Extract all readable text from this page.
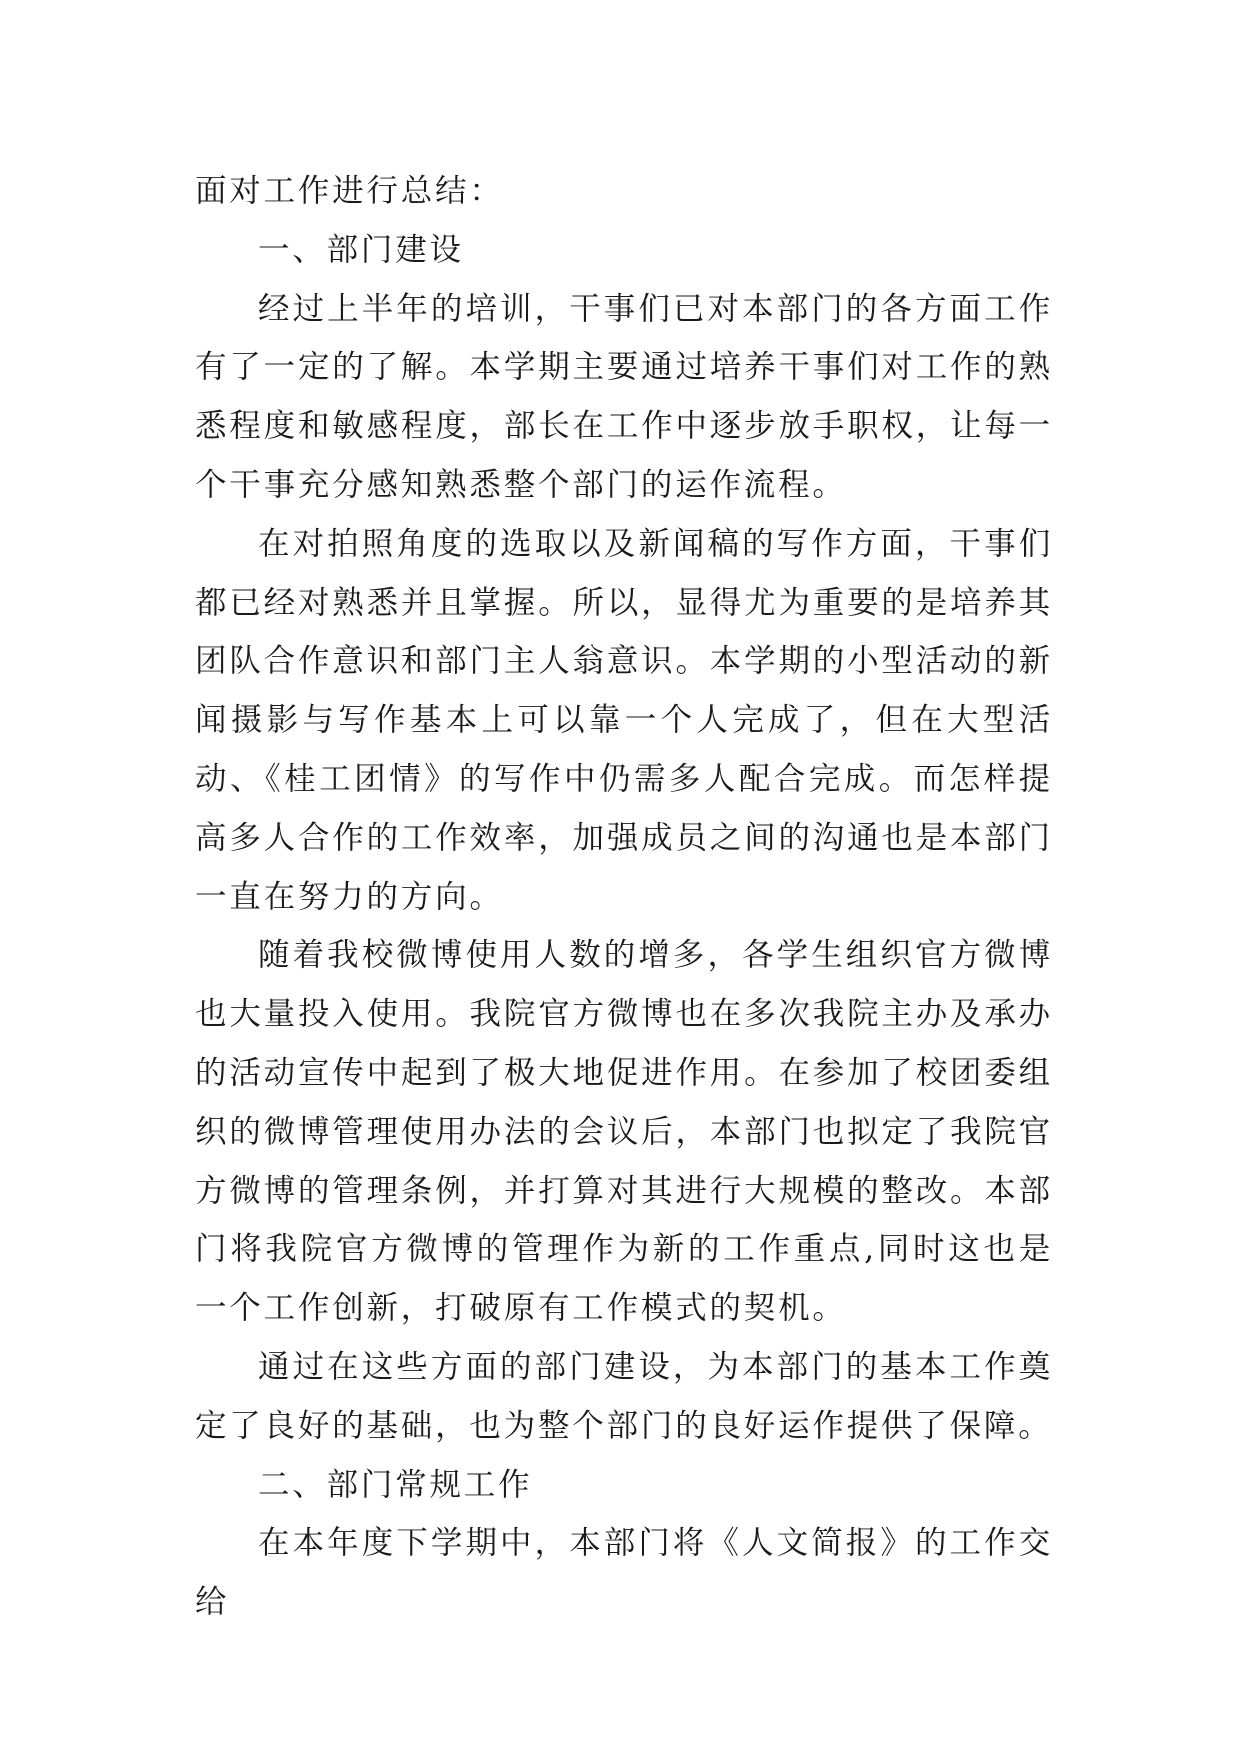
面对工作进行总结：

一、部门建设

经过上半年的培训，干事们已对本部门的各方面工作有了一定的了解。本学期主要通过培养干事们对工作的熟悉程度和敏感程度，部长在工作中逐步放手职权，让每一个干事充分感知熟悉整个部门的运作流程。

在对拍照角度的选取以及新闻稿的写作方面，干事们都已经对熟悉并且掌握。所以，显得尤为重要的是培养其团队合作意识和部门主人翁意识。本学期的小型活动的新闻摄影与写作基本上可以靠一个人完成了，但在大型活动、《桂工团情》的写作中仍需多人配合完成。而怎样提高多人合作的工作效率，加强成员之间的沟通也是本部门一直在努力的方向。

随着我校微博使用人数的增多，各学生组织官方微博也大量投入使用。我院官方微博也在多次我院主办及承办的活动宣传中起到了极大地促进作用。在参加了校团委组织的微博管理使用办法的会议后，本部门也拟定了我院官方微博的管理条例，并打算对其进行大规模的整改。本部门将我院官方微博的管理作为新的工作重点,同时这也是一个工作创新，打破原有工作模式的契机。

通过在这些方面的部门建设，为本部门的基本工作奠定了良好的基础，也为整个部门的良好运作提供了保障。

二、部门常规工作

在本年度下学期中，本部门将《人文简报》的工作交给
